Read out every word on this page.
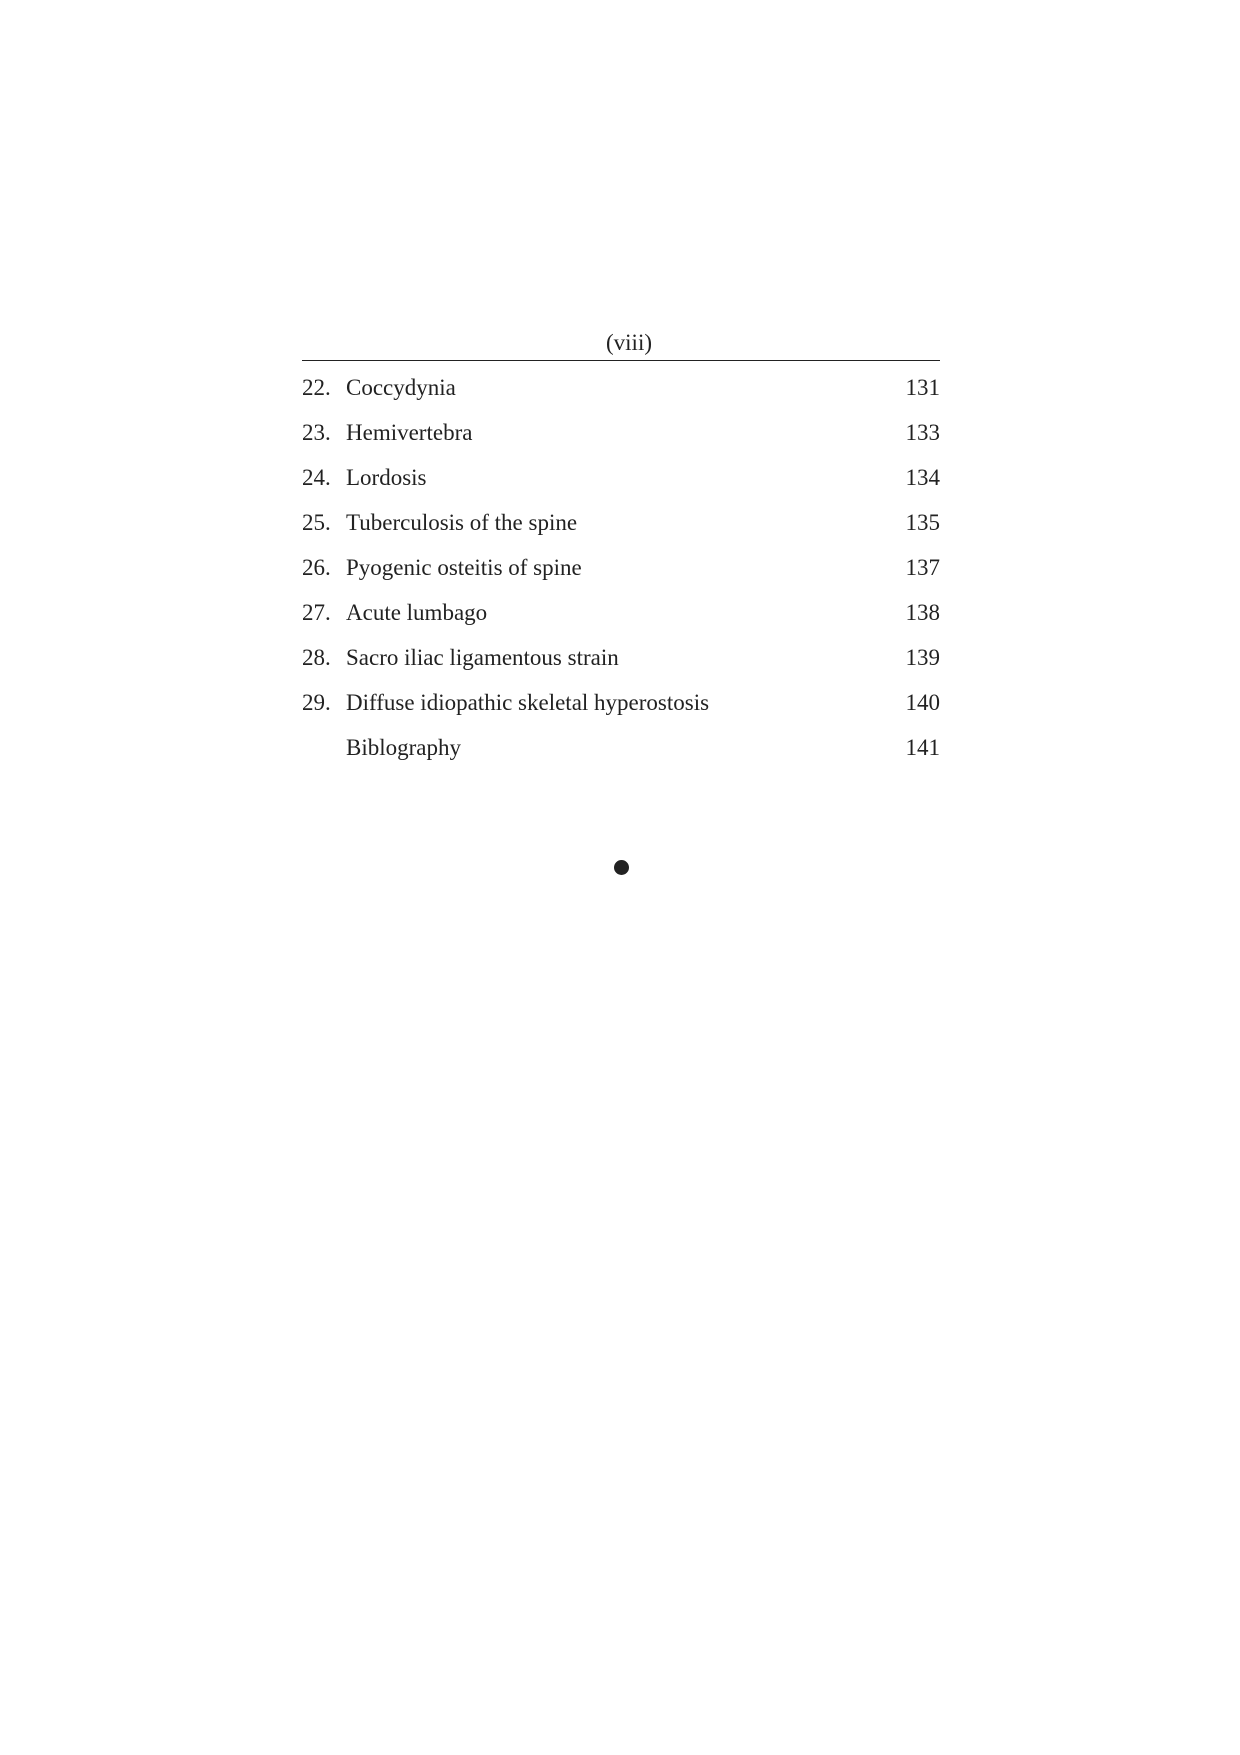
(viii)
22. Coccydynia	131
23. Hemivertebra	133
24. Lordosis	134
25. Tuberculosis of the spine	135
26. Pyogenic osteitis of spine	137
27. Acute lumbago	138
28. Sacro iliac ligamentous strain	139
29. Diffuse idiopathic skeletal hyperostosis	140
Biblography	141
